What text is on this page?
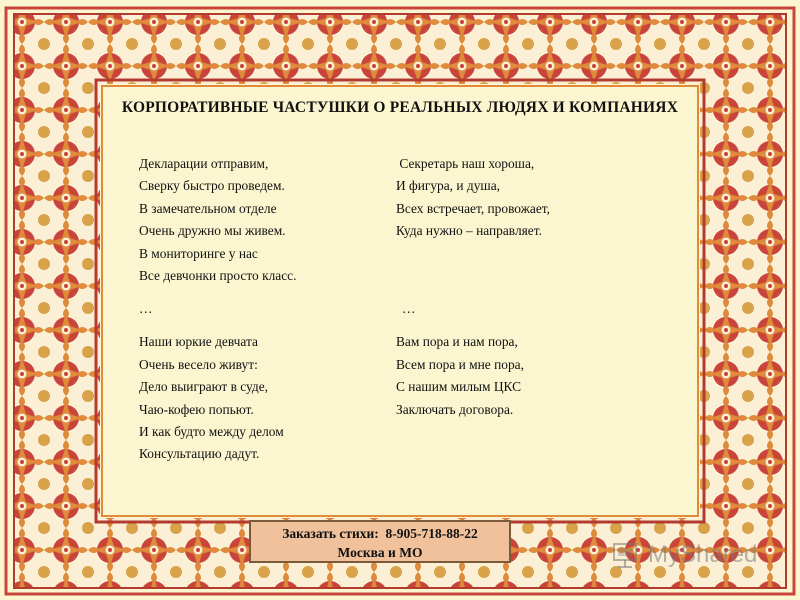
КОРПОРАТИВНЫЕ ЧАСТУШКИ О РЕАЛЬНЫХ ЛЮДЯХ И КОМПАНИЯХ
Декларации отправим,
Сверку быстро проведем.
В замечательном отделе
Очень дружно мы живем.
В мониторинге у нас
Все девчонки просто класс.
…
Наши юркие девчата
Очень весело живут:
Дело выиграют в суде,
Чаю-кофею попьют.
И как будто между делом
Консультацию дадут.
Секретарь наш хороша,
И фигура, и душа,
Всех встречает, провожает,
Куда нужно – направляет.
…
Вам пора и нам пора,
Всем пора и мне пора,
С нашим милым ЦКС
Заключать договора.
Заказать стихи:  8-905-718-88-22
Москва и МО	MyShared
